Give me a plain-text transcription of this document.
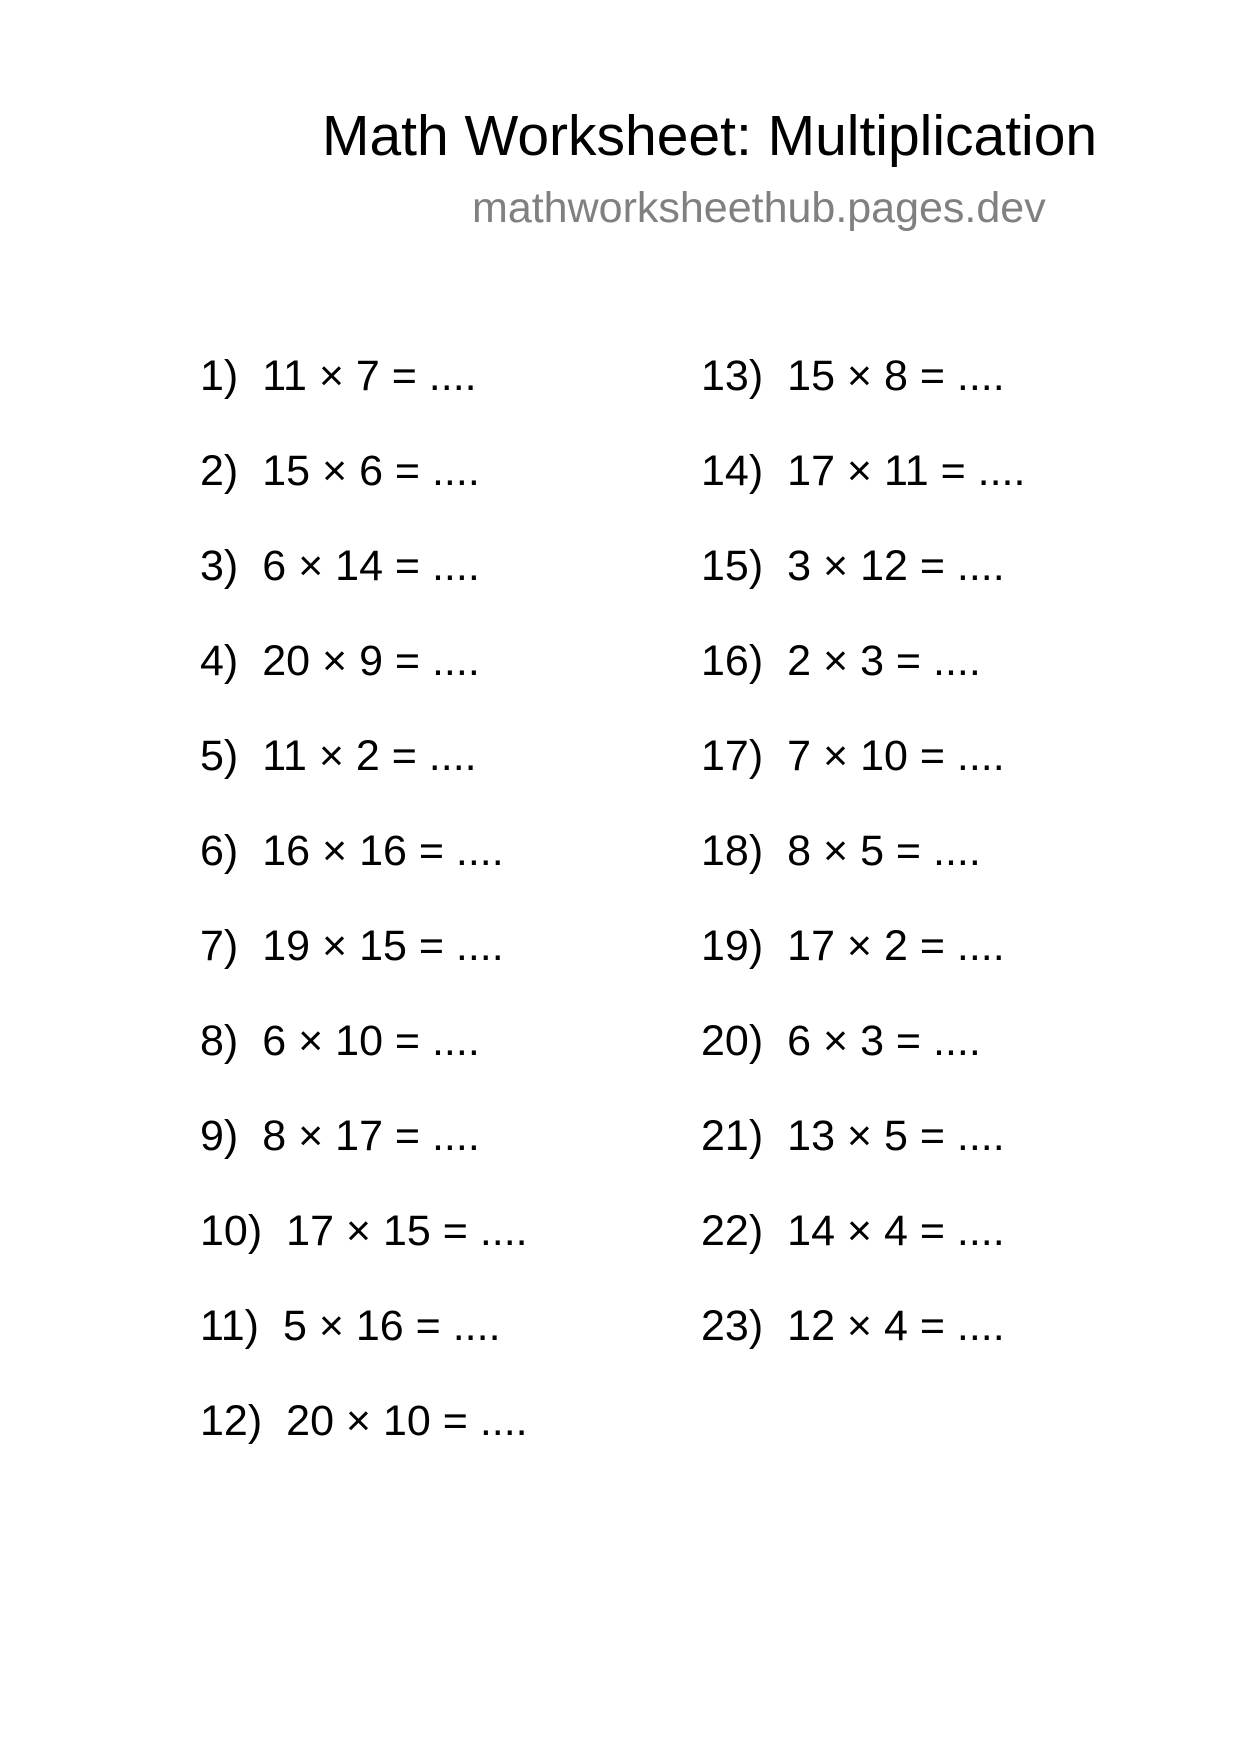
Math Worksheet: Multiplication
mathworksheethub.pages.dev
1) 11 × 7 = ....
2) 15 × 6 = ....
3) 6 × 14 = ....
4) 20 × 9 = ....
5) 11 × 2 = ....
6) 16 × 16 = ....
7) 19 × 15 = ....
8) 6 × 10 = ....
9) 8 × 17 = ....
10) 17 × 15 = ....
11) 5 × 16 = ....
12) 20 × 10 = ....
13) 15 × 8 = ....
14) 17 × 11 = ....
15) 3 × 12 = ....
16) 2 × 3 = ....
17) 7 × 10 = ....
18) 8 × 5 = ....
19) 17 × 2 = ....
20) 6 × 3 = ....
21) 13 × 5 = ....
22) 14 × 4 = ....
23) 12 × 4 = ....
